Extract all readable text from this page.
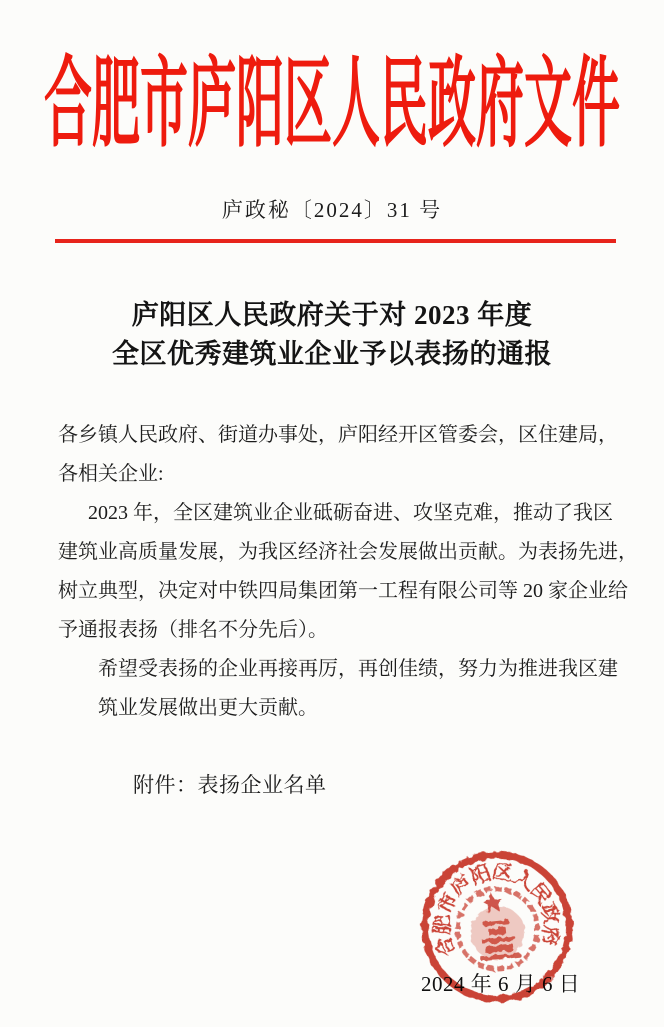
合肥市庐阳区人民政府文件
庐政秘〔2024〕31 号
庐阳区人民政府关于对 2023 年度
全区优秀建筑业企业予以表扬的通报
各乡镇人民政府、街道办事处，庐阳经开区管委会，区住建局，
各相关企业:
2023 年，全区建筑业企业砥砺奋进、攻坚克难，推动了我区
建筑业高质量发展，为我区经济社会发展做出贡献。为表扬先进，
树立典型，决定对中铁四局集团第一工程有限公司等 20 家企业给
予通报表扬（排名不分先后）。
希望受表扬的企业再接再厉，再创佳绩，努力为推进我区建
筑业发展做出更大贡献。
附件：表扬企业名单
2024 年 6 月 6 日
合肥市庐阳区人民政府
